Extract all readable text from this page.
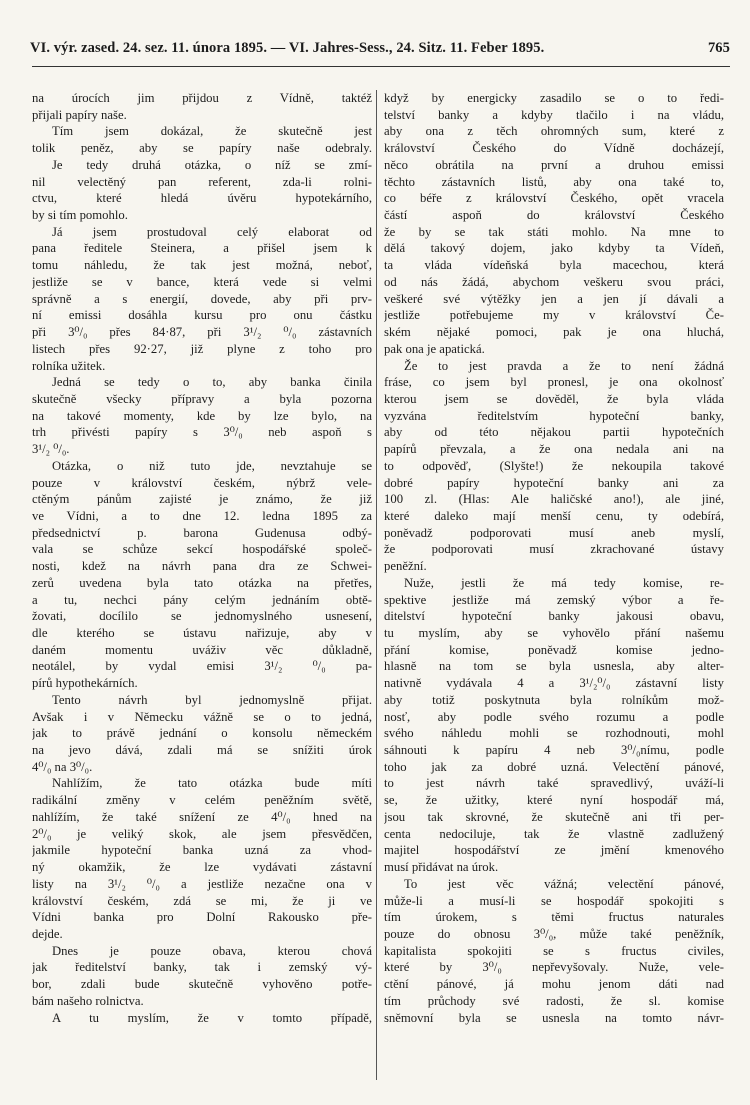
VI. výr. zased. 24. sez. 11. února 1895. — VI. Jahres-Sess., 24. Sitz. 11. Feber 1895.	765
na úrocích jim přijdou z Vídně, taktéž
přijali papíry naše.
Tím jsem dokázal, že skutečně jest
tolik peněz, aby se papíry naše odebraly.
Je tedy druhá otázka, o níž se zmí-
nil velectěný pan referent, zda-li rolni-
ctvu, které hledá úvěru hypotekárního,
by si tím pomohlo.
Já jsem prostudoval celý elaborat od
pana ředitele Steinera, a přišel jsem k
tomu náhledu, že tak jest možná, neboť,
jestliže se v bance, která vede si velmi
správně a s energií, dovede, aby při prv-
ní emissi dosáhla kursu pro onu částku
při 3⁰/₀ přes 84·87, při 3¹/₂ ⁰/₀ zástavních
listech přes 92·27, již plyne z toho pro
rolníka užitek.
Jedná se tedy o to, aby banka činila
skutečně všecky přípravy a byla pozorna
na takové momenty, kde by lze bylo, na
trh přivésti papíry s 3⁰/₀ neb aspoň s
3¹/₂ ⁰/₀.
Otázka, o niž tuto jde, nevztahuje se
pouze v království českém, nýbrž vele-
ctěným pánům zajisté je známo, že již
ve Vídni, a to dne 12. ledna 1895 za
předsednictví p. barona Gudenusa odbý-
vala se schůze sekcí hospodářské společ-
nosti, kdež na návrh pana dra ze Schwei-
zerů uvedena byla tato otázka na přetřes,
a tu, nechci pány celým jednáním obtě-
žovati, docílilo se jednomyslného usnesení,
dle kterého se ústavu nařizuje, aby v
daném momentu uváživ věc důkladně,
neotálel, by vydal emisi 3¹/₂ ⁰/₀ pa-
pírů hypothekárních.
Tento návrh byl jednomyslně přijat.
Avšak i v Německu vážně se o to jedná,
jak to právě jednání o konsolu německém
na jevo dává, zdali má se snížiti úrok
4⁰/₀ na 3⁰/₀.
Nahlížím, že tato otázka bude míti
radikální změny v celém peněžním světě,
nahlížím, že také snížení ze 4⁰/₀ hned na
2⁰/₀ je veliký skok, ale jsem přesvědčen,
jakmile hypoteční banka uzná za vhod-
ný okamžik, že lze vydávati zástavní
listy na 3¹/₂ ⁰/₀ a jestliže nezačne ona v
království českém, zdá se mi, že ji ve
Vídni banka pro Dolní Rakousko pře-
dejde.
Dnes je pouze obava, kterou chová
jak ředitelství banky, tak i zemský vý-
bor, zdali bude skutečně vyhověno potře-
bám našeho rolnictva.
A tu myslím, že v tomto případě,
když by energicky zasadilo se o to ředi-
telství banky a kdyby tlačilo i na vládu,
aby ona z těch ohromných sum, které z
království Českého do Vídně docházejí,
něco obrátila na první a druhou emissi
těchto zástavních listů, aby ona také to,
co béře z království Českého, opět vracela
částí aspoň do království Českého
že by se tak státi mohlo. Na mne to
dělá takový dojem, jako kdyby ta Vídeň,
ta vláda vídeňská byla macechou, která
od nás žádá, abychom veškeru svou práci,
veškeré své výtěžky jen a jen jí dávali a
jestliže potřebujeme my v království Če-
ském nějaké pomoci, pak je ona hluchá,
pak ona je apatická.
Že to jest pravda a že to není žádná
fráse, co jsem byl pronesl, je ona okolnosť
kterou jsem se dověděl, že byla vláda
vyzvána ředitelstvím hypoteční banky,
aby od této nějakou partii hypotečních
papírů převzala, a že ona nedala ani na
to odpověď, (Slyšte!) že nekoupila takové
dobré papíry hypoteční banky ani za
100 zl. (Hlas: Ale haličské ano!), ale jiné,
které daleko mají menší cenu, ty odebírá,
poněvadž podporovati musí aneb myslí,
že podporovati musí zkrachované ústavy
peněžní.
Nuže, jestli že má tedy komise, re-
spektive jestliže má zemský výbor a ře-
ditelství hypoteční banky jakousi obavu,
tu myslím, aby se vyhovělo přání našemu
přání komise, poněvadž komise jedno-
hlasně na tom se byla usnesla, aby alter-
nativně vydávala 4 a 3¹/₂⁰/₀ zástavní listy
aby totiž poskytnuta byla rolníkům mož-
nosť, aby podle svého rozumu a podle
svého náhledu mohli se rozhodnouti, mohl
sáhnouti k papíru 4 neb 3⁰/₀nímu, podle
toho jak za dobré uzná. Velectění pánové,
to jest návrh také spravedlivý, uváží-li
se, že užitky, které nyní hospodář má,
jsou tak skrovné, že skutečně ani tři per-
centa nedociluje, tak že vlastně zadlužený
majitel hospodářství ze jmění kmenového
musí přidávat na úrok.
To jest věc vážná; velectění pánové,
může-li a musí-li se hospodář spokojiti s
tím úrokem, s těmi fructus naturales
pouze do obnosu 3⁰/₀, může také peněžník,
kapitalista spokojiti se s fructus civiles,
které by 3⁰/₀ nepřevyšovaly. Nuže, vele-
ctění pánové, já mohu jenom dáti nad
tím průchody své radosti, že sl. komise
sněmovní byla se usnesla na tomto návr-
